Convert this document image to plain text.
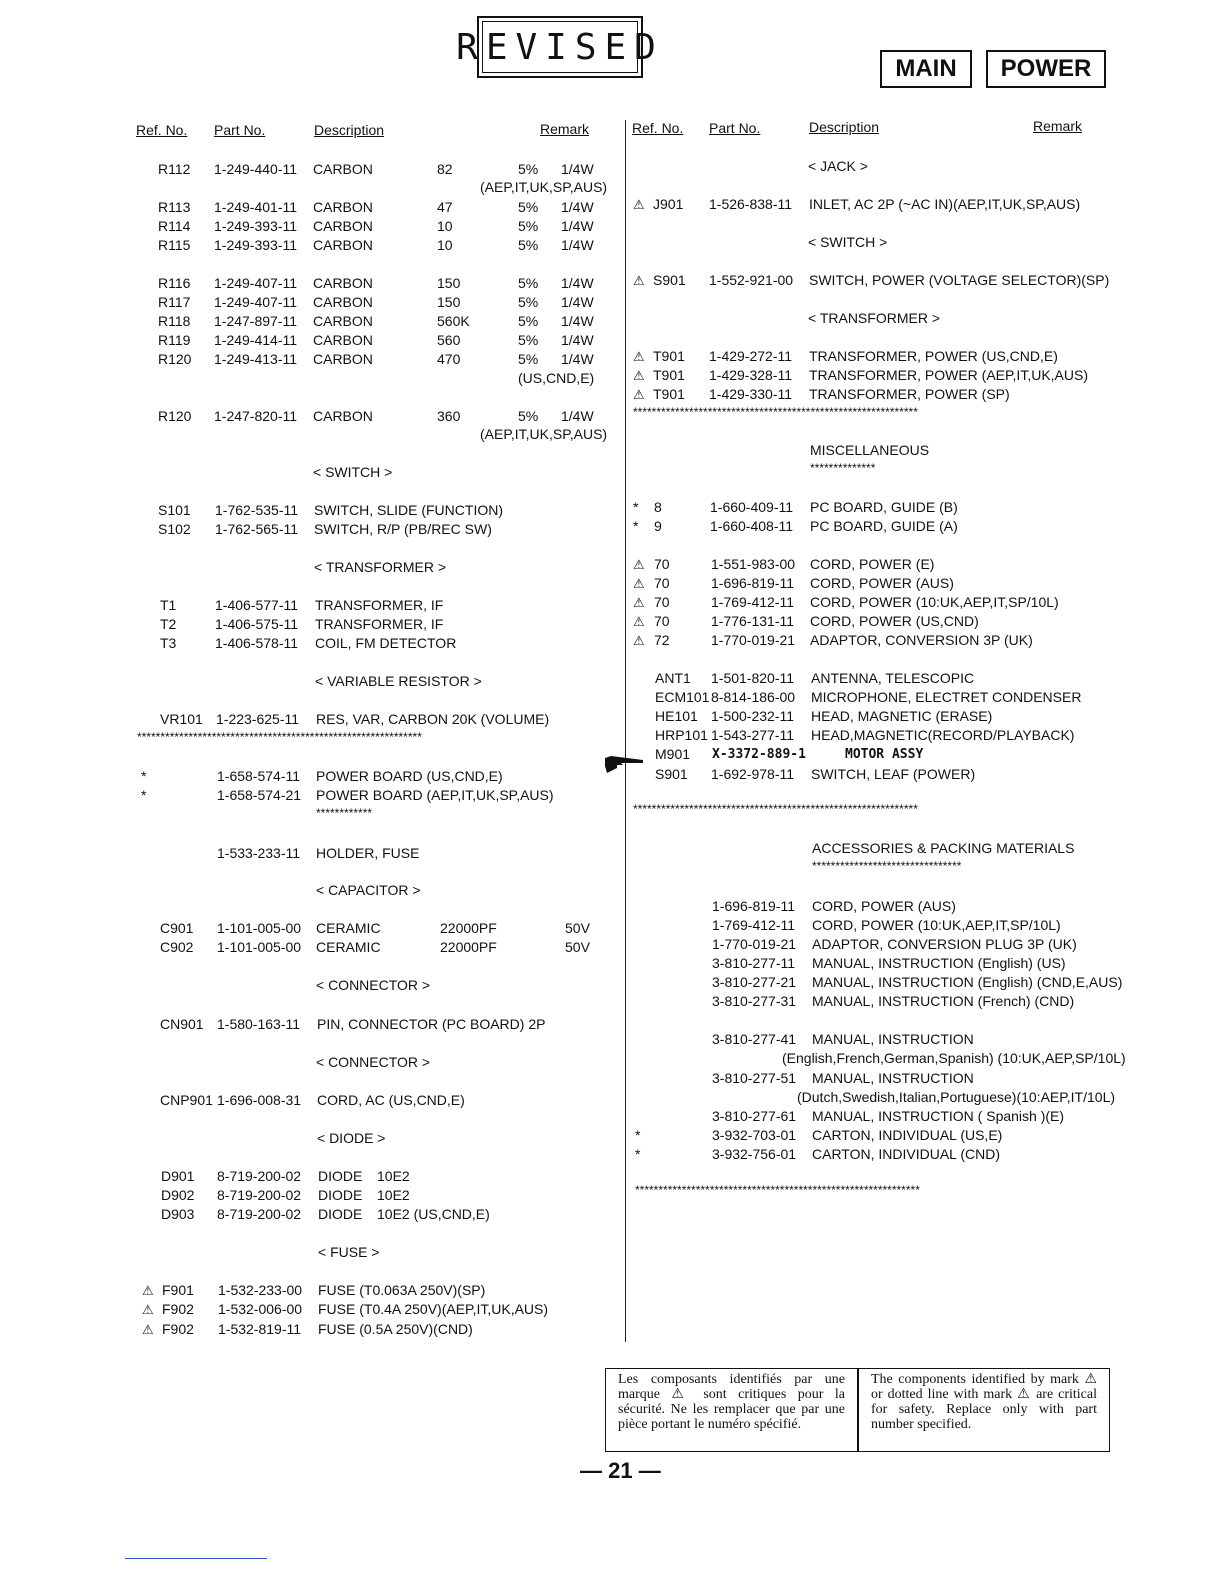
REVISED
MAIN	POWER
Ref. No. Part No.	Description	Remark	Ref. No. Part No.	Description	Remark
R112 1-249-440-11 CARBON	82	5% 1/4W
(AEP,IT,UK,SP,AUS)
R113 1-249-401-11 CARBON	47	5% 1/4W
R114 1-249-393-11 CARBON	10	5% 1/4W
R115 1-249-393-11 CARBON	10	5% 1/4W
R116 1-249-407-11 CARBON	150	5% 1/4W
R117 1-249-407-11 CARBON	150	5% 1/4W
R118 1-247-897-11 CARBON	560K	5% 1/4W
R119 1-249-414-11 CARBON	560	5% 1/4W
R120 1-249-413-11 CARBON	470	5% 1/4W
(US,CND,E)
R120 1-247-820-11 CARBON	360	5% 1/4W
(AEP,IT,UK,SP,AUS)
< SWITCH >
S101 1-762-535-11 SWITCH, SLIDE (FUNCTION)
S102 1-762-565-11 SWITCH, R/P (PB/REC SW)
< TRANSFORMER >
T1	1-406-577-11 TRANSFORMER, IF
T2	1-406-575-11 TRANSFORMER, IF
T3	1-406-578-11 COIL, FM DETECTOR
< VARIABLE RESISTOR >
VR101 1-223-625-11 RES, VAR, CARBON 20K (VOLUME)
*************************************************************
*	1-658-574-11 POWER BOARD (US,CND,E)
*	1-658-574-21 POWER BOARD (AEP,IT,UK,SP,AUS)
************
1-533-233-11 HOLDER, FUSE
< CAPACITOR >
C901 1-101-005-00 CERAMIC	22000PF	50V
C902 1-101-005-00 CERAMIC	22000PF	50V
< CONNECTOR >
CN901 1-580-163-11 PIN, CONNECTOR (PC BOARD) 2P
< CONNECTOR >
CNP901 1-696-008-31 CORD, AC (US,CND,E)
< DIODE >
D901 8-719-200-02 DIODE 10E2
D902 8-719-200-02 DIODE 10E2
D903 8-719-200-02 DIODE 10E2 (US,CND,E)
< FUSE >
⚠ F901 1-532-233-00 FUSE (T0.063A 250V)(SP)
⚠ F902 1-532-006-00 FUSE (T0.4A 250V)(AEP,IT,UK,AUS)
⚠ F902 1-532-819-11 FUSE (0.5A 250V)(CND)
< JACK >
⚠ J901 1-526-838-11 INLET, AC 2P (~AC IN)(AEP,IT,UK,SP,AUS)
< SWITCH >
⚠ S901 1-552-921-00 SWITCH, POWER (VOLTAGE SELECTOR)(SP)
< TRANSFORMER >
⚠ T901 1-429-272-11 TRANSFORMER, POWER (US,CND,E)
⚠ T901 1-429-328-11 TRANSFORMER, POWER (AEP,IT,UK,AUS)
⚠ T901 1-429-330-11 TRANSFORMER, POWER (SP)
*************************************************************
MISCELLANEOUS
**************
* 8	1-660-409-11 PC BOARD, GUIDE (B)
* 9	1-660-408-11 PC BOARD, GUIDE (A)
⚠ 70	1-551-983-00 CORD, POWER (E)
⚠ 70	1-696-819-11 CORD, POWER (AUS)
⚠ 70	1-769-412-11 CORD, POWER (10:UK,AEP,IT,SP/10L)
⚠ 70	1-776-131-11 CORD, POWER (US,CND)
⚠ 72	1-770-019-21 ADAPTOR, CONVERSION 3P (UK)
ANT1 1-501-820-11 ANTENNA, TELESCOPIC
ECM101 8-814-186-00 MICROPHONE, ELECTRET CONDENSER
HE101 1-500-232-11 HEAD, MAGNETIC (ERASE)
HRP101 1-543-277-11 HEAD,MAGNETIC(RECORD/PLAYBACK)
M901 X-3372-889-1	MOTOR ASSY
S901 1-692-978-11 SWITCH, LEAF (POWER)
*************************************************************
ACCESSORIES & PACKING MATERIALS
********************************
1-696-819-11 CORD, POWER (AUS)
1-769-412-11 CORD, POWER (10:UK,AEP,IT,SP/10L)
1-770-019-21 ADAPTOR, CONVERSION PLUG 3P (UK)
3-810-277-11 MANUAL, INSTRUCTION (English) (US)
3-810-277-21 MANUAL, INSTRUCTION (English) (CND,E,AUS)
3-810-277-31 MANUAL, INSTRUCTION (French) (CND)
3-810-277-41 MANUAL, INSTRUCTION
(English,French,German,Spanish) (10:UK,AEP,SP/10L)
3-810-277-51 MANUAL, INSTRUCTION
(Dutch,Swedish,Italian,Portuguese)(10:AEP,IT/10L)
3-810-277-61 MANUAL, INSTRUCTION ( Spanish )(E)
*	3-932-703-01 CARTON, INDIVIDUAL (US,E)
*	3-932-756-01 CARTON, INDIVIDUAL (CND)
*************************************************************
Les composants identifiés par une marque ⚠ sont critiques pour la sécurité. Ne les remplacer que par une pièce portant le numéro spécifié.
The components identified by mark ⚠ or dotted line with mark ⚠ are critical for safety. Replace only with part number specified.
— 21 —
